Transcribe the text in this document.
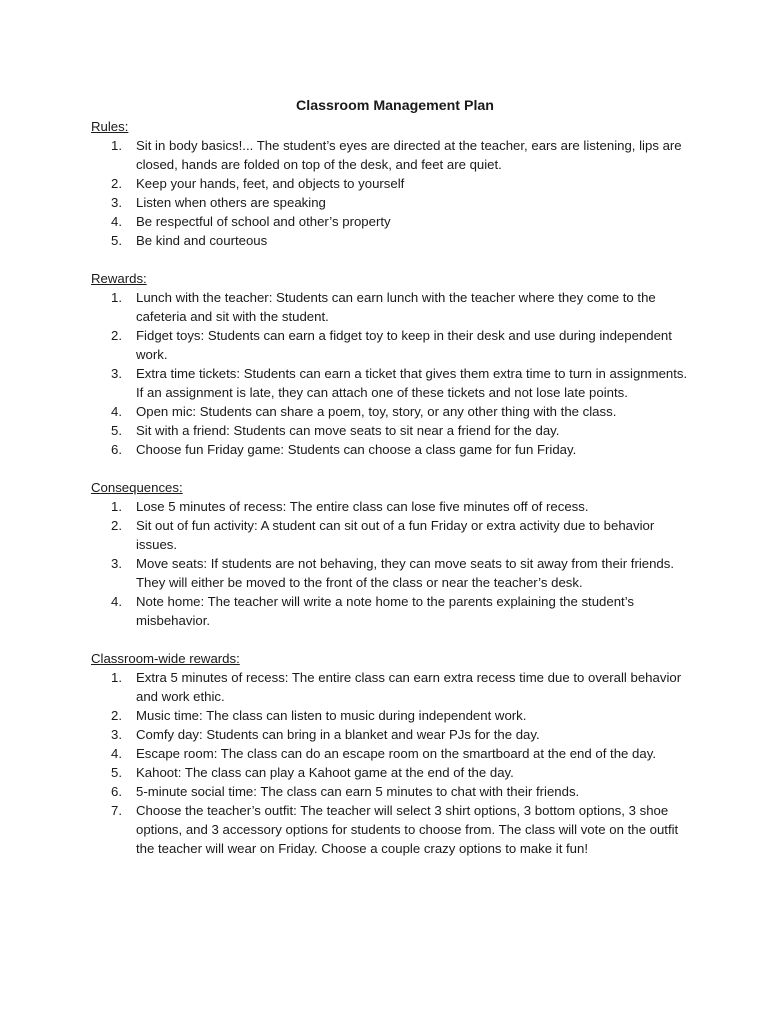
Classroom Management Plan
Rules:
1.	Sit in body basics!... The student’s eyes are directed at the teacher, ears are listening, lips are closed, hands are folded on top of the desk, and feet are quiet.
2.	Keep your hands, feet, and objects to yourself
3.	Listen when others are speaking
4.	Be respectful of school and other’s property
5.	Be kind and courteous
Rewards:
1.	Lunch with the teacher: Students can earn lunch with the teacher where they come to the cafeteria and sit with the student.
2.	Fidget toys: Students can earn a fidget toy to keep in their desk and use during independent work.
3.	Extra time tickets: Students can earn a ticket that gives them extra time to turn in assignments. If an assignment is late, they can attach one of these tickets and not lose late points.
4.	Open mic: Students can share a poem, toy, story, or any other thing with the class.
5.	Sit with a friend: Students can move seats to sit near a friend for the day.
6.	Choose fun Friday game: Students can choose a class game for fun Friday.
Consequences:
1.	Lose 5 minutes of recess: The entire class can lose five minutes off of recess.
2.	Sit out of fun activity: A student can sit out of a fun Friday or extra activity due to behavior issues.
3.	Move seats: If students are not behaving, they can move seats to sit away from their friends. They will either be moved to the front of the class or near the teacher’s desk.
4.	Note home: The teacher will write a note home to the parents explaining the student’s misbehavior.
Classroom-wide rewards:
1.	Extra 5 minutes of recess: The entire class can earn extra recess time due to overall behavior and work ethic.
2.	Music time: The class can listen to music during independent work.
3.	Comfy day: Students can bring in a blanket and wear PJs for the day.
4.	Escape room: The class can do an escape room on the smartboard at the end of the day.
5.	Kahoot: The class can play a Kahoot game at the end of the day.
6.	5-minute social time: The class can earn 5 minutes to chat with their friends.
7.	Choose the teacher’s outfit: The teacher will select 3 shirt options, 3 bottom options, 3 shoe options, and 3 accessory options for students to choose from. The class will vote on the outfit the teacher will wear on Friday. Choose a couple crazy options to make it fun!
